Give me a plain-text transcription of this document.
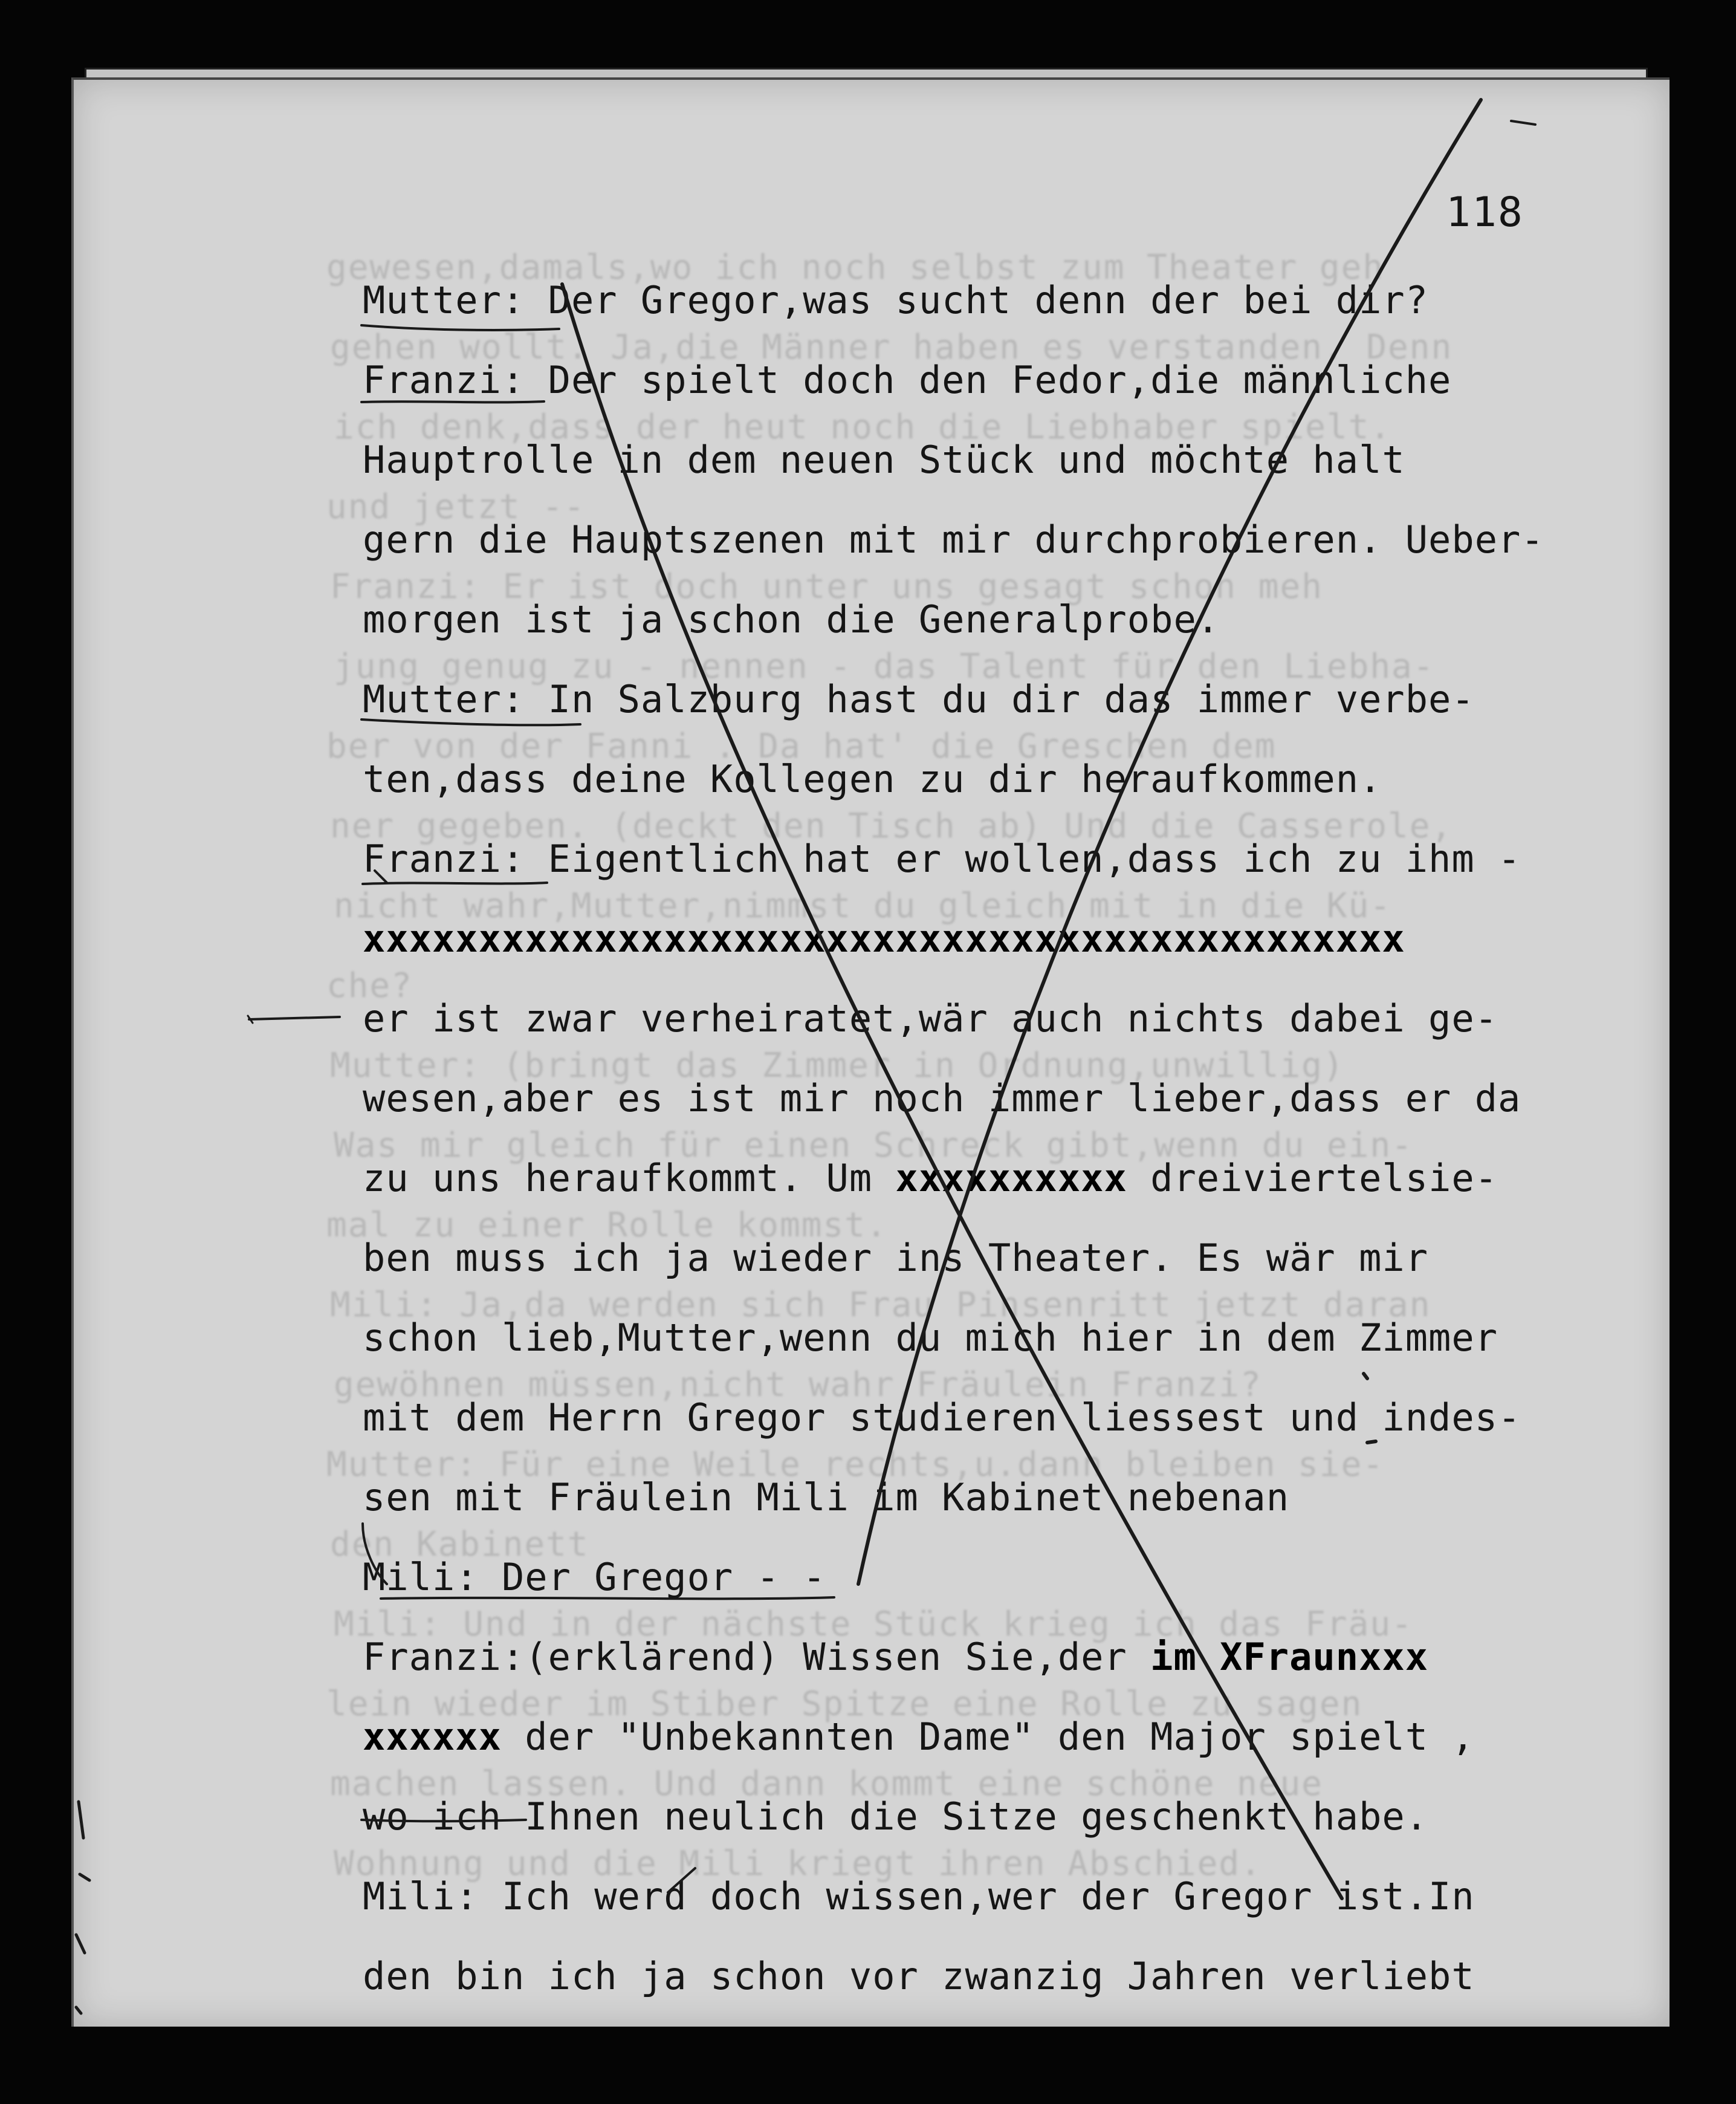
gewesen,damals,wo ich noch selbst zum Theater geh
gehen wollt. Ja,die Männer haben es verstanden. Denn
ich denk,dass der heut noch die Liebhaber spielt.
und jetzt --
Franzi: Er ist doch unter uns gesagt schon meh
jung genug zu - nennen - das Talent für den Liebha-
ber von der Fanni . Da hat' die Greschen dem
ner gegeben. (deckt den Tisch ab) Und die Casserole,
nicht wahr,Mutter,nimmst du gleich mit in die Kü-
che?
Mutter: (bringt das Zimmer in Ordnung,unwillig)
Was mir gleich für einen Schreck gibt,wenn du ein-
mal zu einer Rolle kommst.
Mili: Ja,da werden sich Frau Pinsenritt jetzt daran
gewöhnen müssen,nicht wahr,Fräulein Franzi?
Mutter: Für eine Weile rechts,u.dann bleiben sie-
den Kabinett
Mili: Und in der nächste Stück krieg ich das Fräu-
lein wieder im Stiber Spitze eine Rolle zu sagen
machen lassen. Und dann kommt eine schöne neue
Wohnung und die Mili kriegt ihren Abschied.
118
Mutter: Der Gregor,was sucht denn der bei dir?
Franzi: Der spielt doch den Fedor,die männliche
Hauptrolle in dem neuen Stück und möchte halt
gern die Hauptszenen mit mir durchprobieren. Ueber-
morgen ist ja schon die Generalprobe.
Mutter: In Salzburg hast du dir das immer verbe-
ten,dass deine Kollegen zu dir heraufkommen.
Franzi: Eigentlich hat er wollen,dass ich zu ihm -
xxxxxxxxxxxxxxxxxxxxxxxxxxxxxxxxxxxxxxxxxxxxx
er ist zwar verheiratet,wär auch nichts dabei ge-
wesen,aber es ist mir noch immer lieber,dass er da
zu uns heraufkommt. Um xxxxxxxxxx dreiviertelsie-
ben muss ich ja wieder ins Theater. Es wär mir
schon lieb,Mutter,wenn du mich hier in dem Zimmer
mit dem Herrn Gregor studieren liessest und indes-
sen mit Fräulein Mili im Kabinet nebenan
Mili: Der Gregor - -
Franzi:(erklärend) Wissen Sie,der im XFraunxxx
xxxxxx der "Unbekannten Dame" den Major spielt ,
wo ich Ihnen neulich die Sitze geschenkt habe.
Mili: Ich werd doch wissen,wer der Gregor ist.In
den bin ich ja schon vor zwanzig Jahren verliebt
